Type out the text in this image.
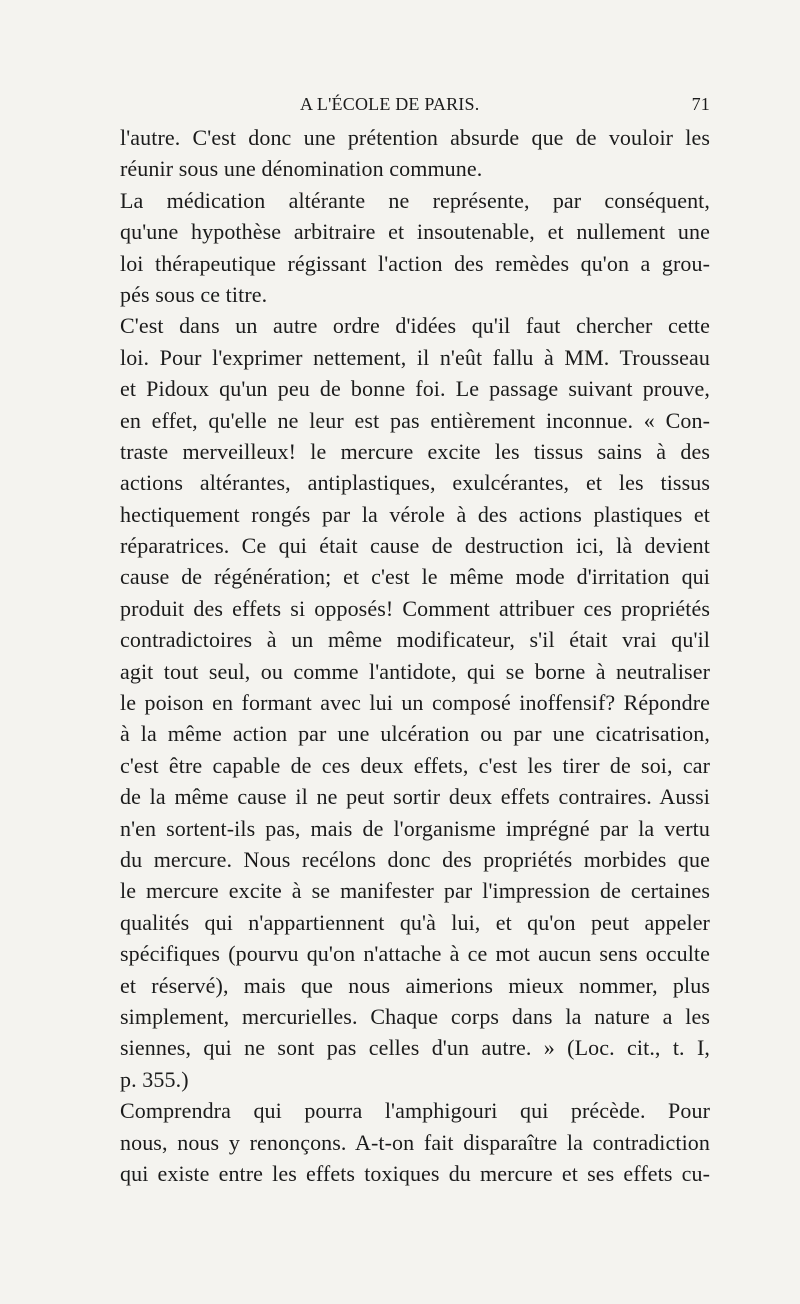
A L'ÉCOLE DE PARIS.	71
l'autre. C'est donc une prétention absurde que de vouloir les
réunir sous une dénomination commune.
La médication altérante ne représente, par conséquent,
qu'une hypothèse arbitraire et insoutenable, et nullement une
loi thérapeutique régissant l'action des remèdes qu'on a grou-
pés sous ce titre.
C'est dans un autre ordre d'idées qu'il faut chercher cette
loi. Pour l'exprimer nettement, il n'eût fallu à MM. Trousseau
et Pidoux qu'un peu de bonne foi. Le passage suivant prouve,
en effet, qu'elle ne leur est pas entièrement inconnue. « Con-
traste merveilleux! le mercure excite les tissus sains à des
actions altérantes, antiplastiques, exulcérantes, et les tissus
hectiquement rongés par la vérole à des actions plastiques et
réparatrices. Ce qui était cause de destruction ici, là devient
cause de régénération; et c'est le même mode d'irritation qui
produit des effets si opposés! Comment attribuer ces propriétés
contradictoires à un même modificateur, s'il était vrai qu'il
agit tout seul, ou comme l'antidote, qui se borne à neutraliser
le poison en formant avec lui un composé inoffensif? Répondre
à la même action par une ulcération ou par une cicatrisation,
c'est être capable de ces deux effets, c'est les tirer de soi, car
de la même cause il ne peut sortir deux effets contraires. Aussi
n'en sortent-ils pas, mais de l'organisme imprégné par la vertu
du mercure. Nous recélons donc des propriétés morbides que
le mercure excite à se manifester par l'impression de certaines
qualités qui n'appartiennent qu'à lui, et qu'on peut appeler
spécifiques (pourvu qu'on n'attache à ce mot aucun sens occulte
et réservé), mais que nous aimerions mieux nommer, plus
simplement, mercurielles. Chaque corps dans la nature a les
siennes, qui ne sont pas celles d'un autre. » (Loc. cit., t. I,
p. 355.)
Comprendra qui pourra l'amphigouri qui précède. Pour
nous, nous y renonçons. A-t-on fait disparaître la contradiction
qui existe entre les effets toxiques du mercure et ses effets cu-
